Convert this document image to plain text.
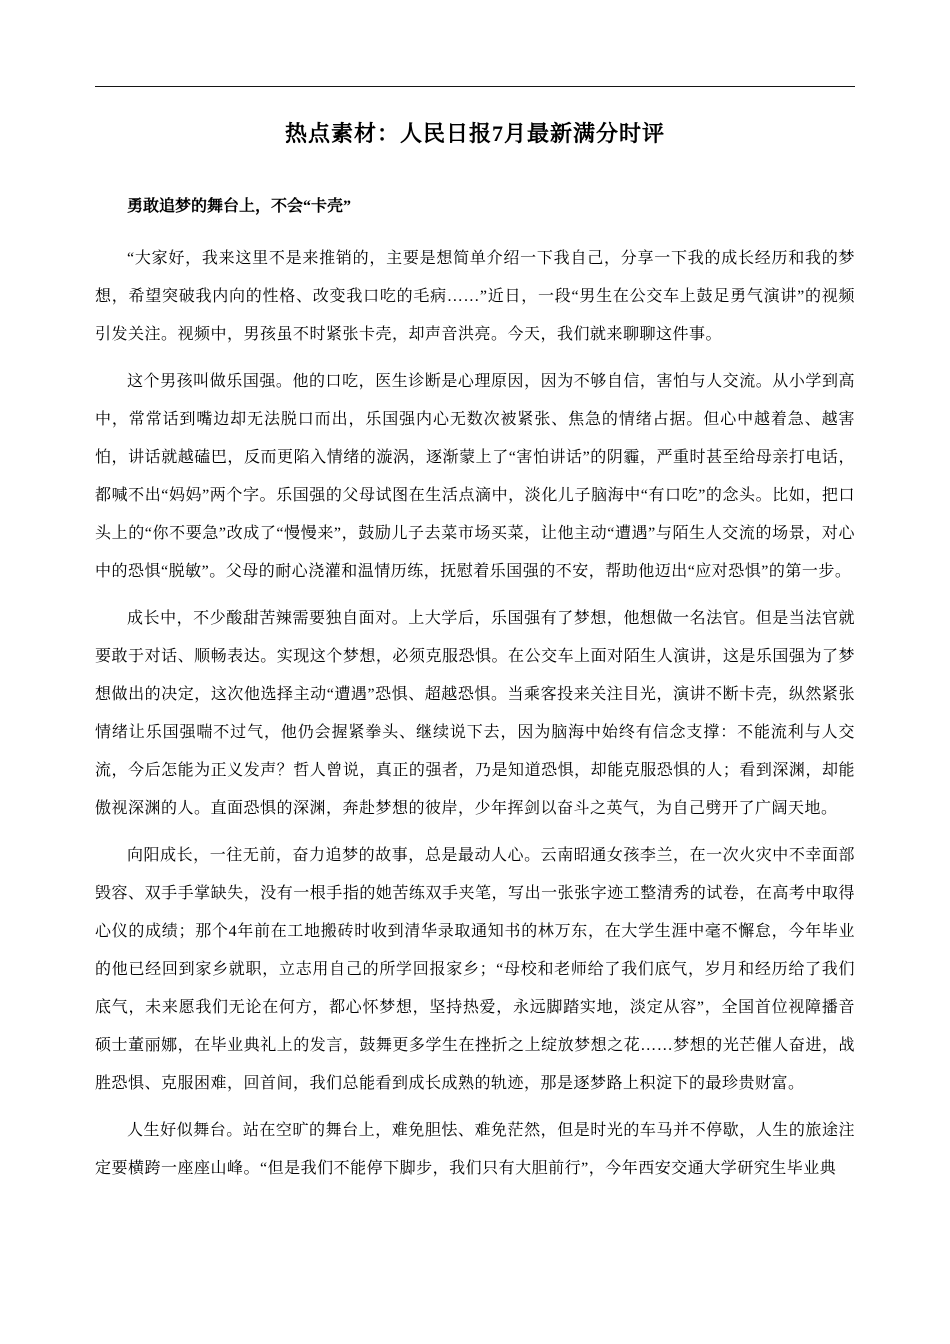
热点素材：人民日报7月最新满分时评
勇敢追梦的舞台上，不会“卡壳”

“大家好，我来这里不是来推销的，主要是想简单介绍一下我自己，分享一下我的成长经历和我的梦想，希望突破我内向的性格、改变我口吃的毛病……”近日，一段“男生在公交车上鼓足勇气演讲”的视频引发关注。视频中，男孩虽不时紧张卡壳，却声音洪亮。今天，我们就来聊聊这件事。

这个男孩叫做乐国强。他的口吃，医生诊断是心理原因，因为不够自信，害怕与人交流。从小学到高中，常常话到嘴边却无法脱口而出，乐国强内心无数次被紧张、焦急的情绪占据。但心中越着急、越害怕，讲话就越磕巴，反而更陷入情绪的漩涡，逐渐蒙上了“害怕讲话”的阴霾，严重时甚至给母亲打电话，都喊不出“妈妈”两个字。乐国强的父母试图在生活点滴中，淡化儿子脑海中“有口吃”的念头。比如，把口头上的“你不要急”改成了“慢慢来”，鼓励儿子去菜市场买菜，让他主动“遭遇”与陌生人交流的场景，对心中的恐惧“脱敏”。父母的耐心浇灌和温情历练，抚慰着乐国强的不安，帮助他迈出“应对恐惧”的第一步。

成长中，不少酸甜苦辣需要独自面对。上大学后，乐国强有了梦想，他想做一名法官。但是当法官就要敢于对话、顺畅表达。实现这个梦想，必须克服恐惧。在公交车上面对陌生人演讲，这是乐国强为了梦想做出的决定，这次他选择主动“遭遇”恐惧、超越恐惧。当乘客投来关注目光，演讲不断卡壳，纵然紧张情绪让乐国强喘不过气，他仍会握紧拳头、继续说下去，因为脑海中始终有信念支撑：不能流利与人交流，今后怎能为正义发声？哲人曾说，真正的强者，乃是知道恐惧，却能克服恐惧的人；看到深渊，却能傲视深渊的人。直面恐惧的深渊，奔赴梦想的彼岸，少年挥剑以奋斗之英气，为自己劈开了广阔天地。

向阳成长，一往无前，奋力追梦的故事，总是最动人心。云南昭通女孩李兰，在一次火灾中不幸面部毁容、双手手掌缺失，没有一根手指的她苦练双手夹笔，写出一张张字迹工整清秀的试卷，在高考中取得心仪的成绩；那个4年前在工地搬砖时收到清华录取通知书的林万东，在大学生涯中毫不懈怠，今年毕业的他已经回到家乡就职，立志用自己的所学回报家乡；“母校和老师给了我们底气，岁月和经历给了我们底气，未来愿我们无论在何方，都心怀梦想，坚持热爱，永远脚踏实地，淡定从容”，全国首位视障播音硕士董丽娜，在毕业典礼上的发言，鼓舞更多学生在挫折之上绽放梦想之花……梦想的光芒催人奋进，战胜恐惧、克服困难，回首间，我们总能看到成长成熟的轨迹，那是逐梦路上积淀下的最珍贵财富。

人生好似舞台。站在空旷的舞台上，难免胆怯、难免茫然，但是时光的车马并不停歇，人生的旅途注定要横跨一座座山峰。“但是我们不能停下脚步，我们只有大胆前行”，今年西安交通大学研究生毕业典
